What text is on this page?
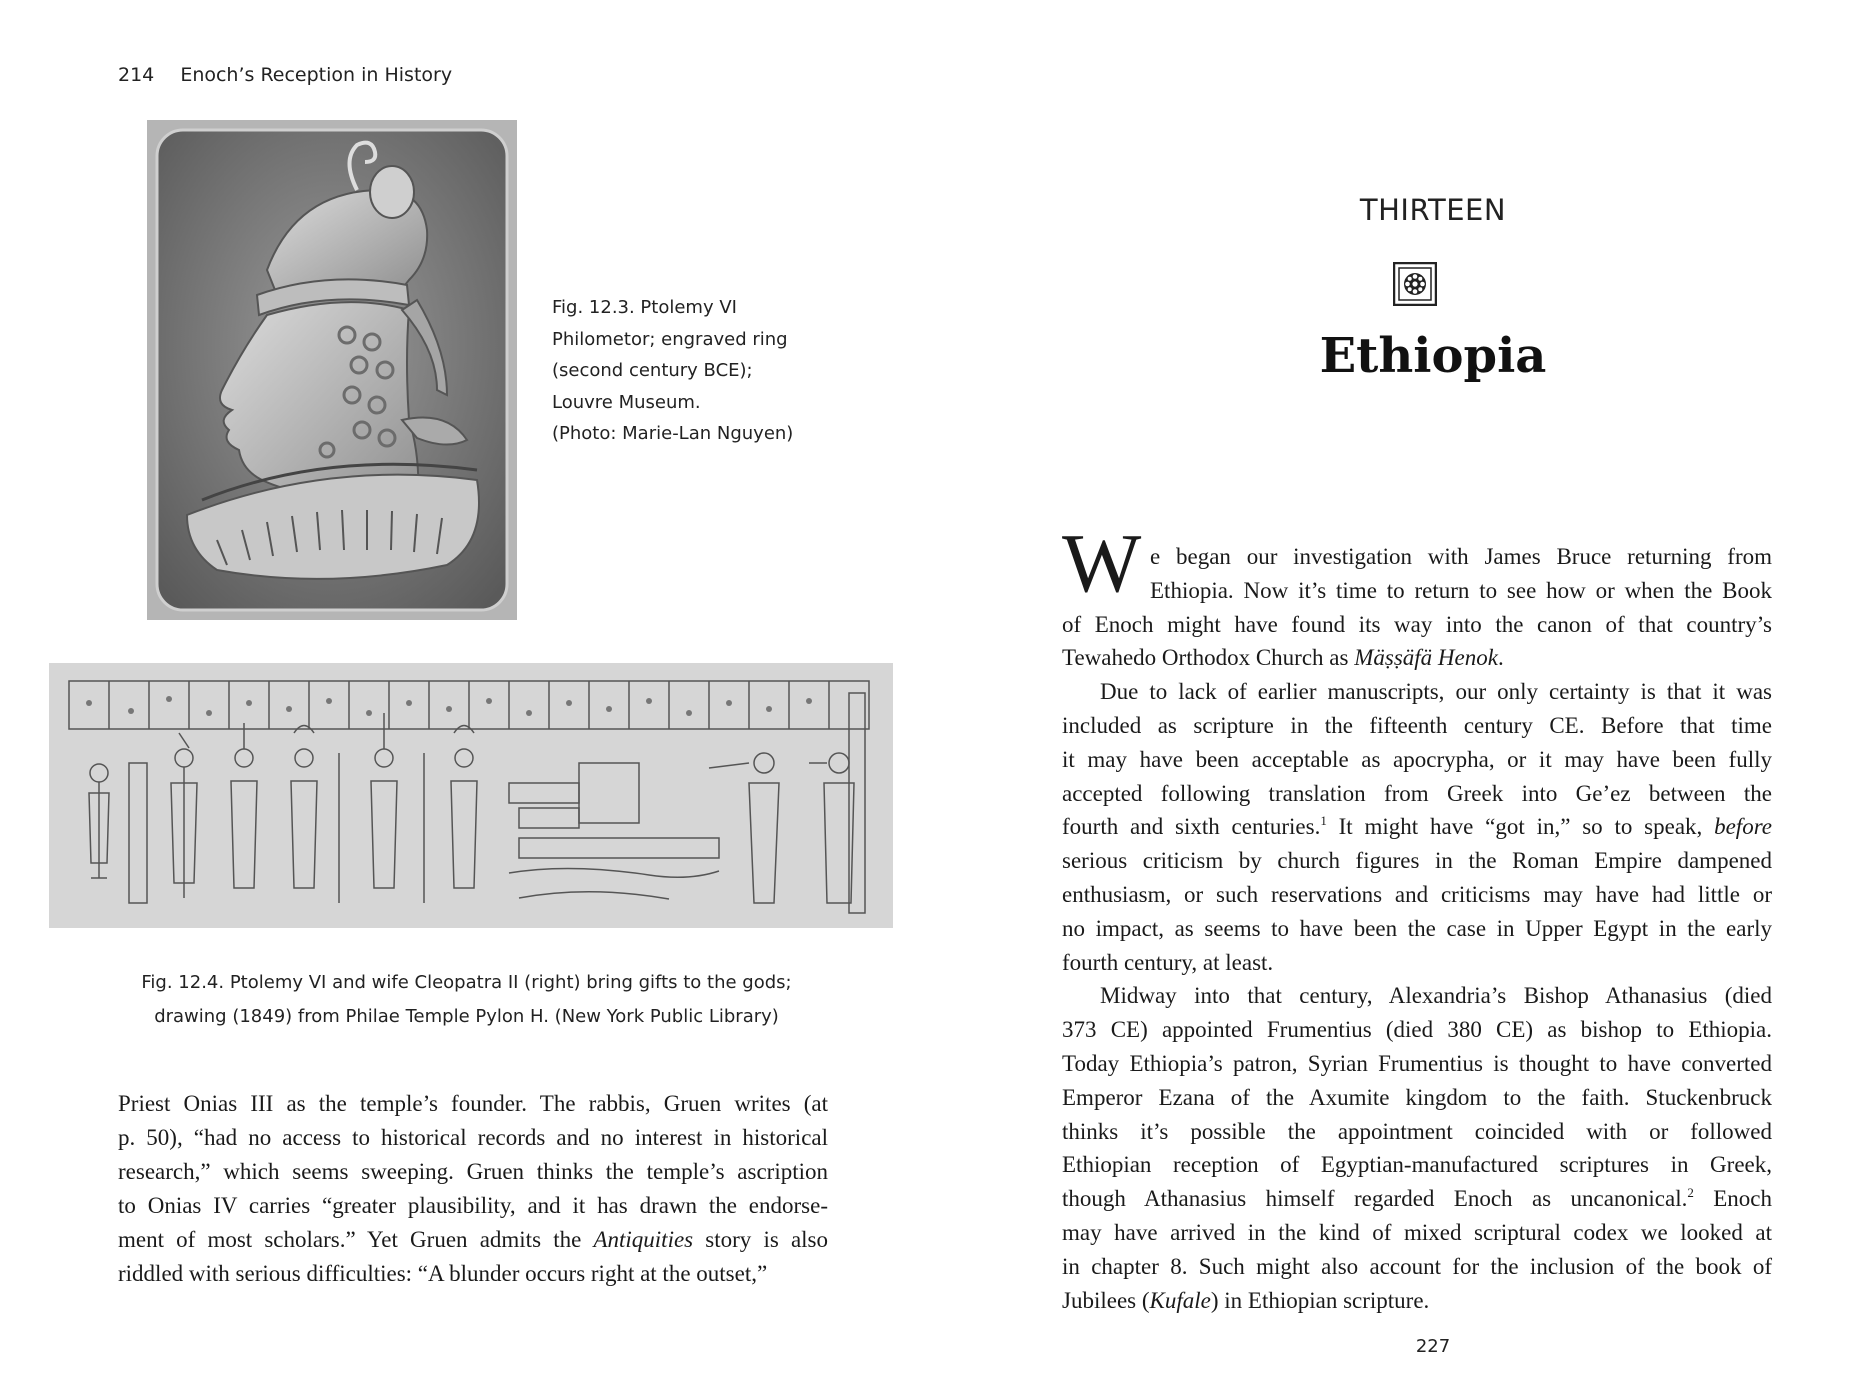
214 Enoch’s Reception in History
Fig. 12.3. Ptolemy VI
Philometor; engraved ring
(second century BCE);
Louvre Museum.
(Photo: Marie-Lan Nguyen)
Fig. 12.4. Ptolemy VI and wife Cleopatra II (right) bring gifts to the gods;
drawing (1849) from Philae Temple Pylon H. (New York Public Library)
Priest Onias III as the temple’s founder. The rabbis, Gruen writes (at
p. 50), “had no access to historical records and no interest in historical
research,” which seems sweeping. Gruen thinks the temple’s ascription
to Onias IV carries “greater plausibility, and it has drawn the endorse-
ment of most scholars.” Yet Gruen admits the Antiquities story is also
riddled with serious difficulties: “A blunder occurs right at the outset,”
THIRTEEN
Ethiopia
W e began our investigation with James Bruce returning from
Ethiopia. Now it’s time to return to see how or when the Book
of Enoch might have found its way into the canon of that country’s
Tewahedo Orthodox Church as Mäṣṣäfä Henok.
Due to lack of earlier manuscripts, our only certainty is that it was
included as scripture in the fifteenth century CE. Before that time
it may have been acceptable as apocrypha, or it may have been fully
accepted following translation from Greek into Ge’ez between the
fourth and sixth centuries.$^1$ It might have “got in,” so to speak, before
serious criticism by church figures in the Roman Empire dampened
enthusiasm, or such reservations and criticisms may have had little or
no impact, as seems to have been the case in Upper Egypt in the early
fourth century, at least.
Midway into that century, Alexandria’s Bishop Athanasius (died
373 CE) appointed Frumentius (died 380 CE) as bishop to Ethiopia.
Today Ethiopia’s patron, Syrian Frumentius is thought to have converted
Emperor Ezana of the Axumite kingdom to the faith. Stuckenbruck
thinks it’s possible the appointment coincided with or followed
Ethiopian reception of Egyptian-manufactured scriptures in Greek,
though Athanasius himself regarded Enoch as uncanonical.$^2$ Enoch
may have arrived in the kind of mixed scriptural codex we looked at
in chapter 8. Such might also account for the inclusion of the book of
Jubilees (Kufale) in Ethiopian scripture.
227
